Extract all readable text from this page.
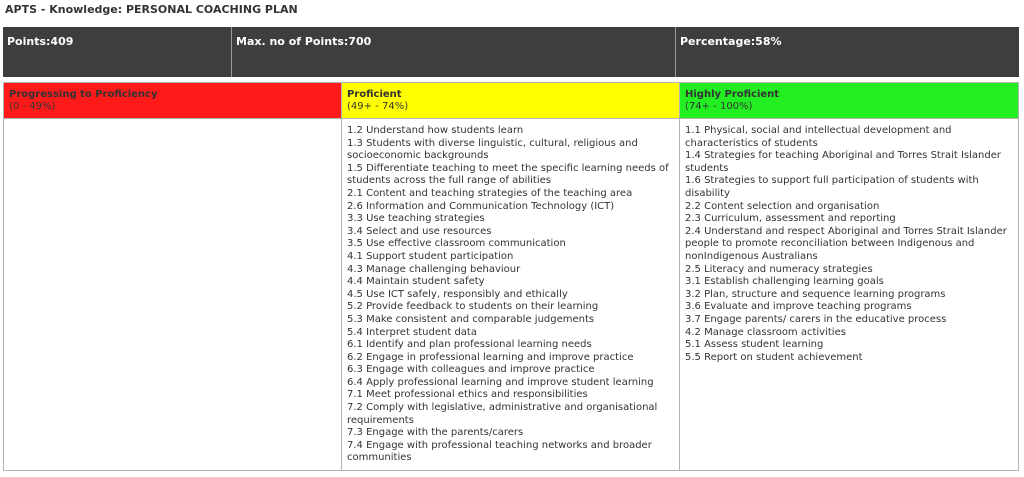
APTS - Knowledge: PERSONAL COACHING PLAN
Points:409	Max. no of Points:700	Percentage:58%
Progressing to Proficiency
(0 - 49%)
Proficient
(49+ - 74%)
Highly Proficient
(74+ - 100%)
1.2 Understand how students learn
1.3 Students with diverse linguistic, cultural, religious and socioeconomic backgrounds
1.5 Differentiate teaching to meet the specific learning needs of students across the full range of abilities
2.1 Content and teaching strategies of the teaching area
2.6 Information and Communication Technology (ICT)
3.3 Use teaching strategies
3.4 Select and use resources
3.5 Use effective classroom communication
4.1 Support student participation
4.3 Manage challenging behaviour
4.4 Maintain student safety
4.5 Use ICT safely, responsibly and ethically
5.2 Provide feedback to students on their learning
5.3 Make consistent and comparable judgements
5.4 Interpret student data
6.1 Identify and plan professional learning needs
6.2 Engage in professional learning and improve practice
6.3 Engage with colleagues and improve practice
6.4 Apply professional learning and improve student learning
7.1 Meet professional ethics and responsibilities
7.2 Comply with legislative, administrative and organisational requirements
7.3 Engage with the parents/carers
7.4 Engage with professional teaching networks and broader communities
1.1 Physical, social and intellectual development and characteristics of students
1.4 Strategies for teaching Aboriginal and Torres Strait Islander students
1.6 Strategies to support full participation of students with disability
2.2 Content selection and organisation
2.3 Curriculum, assessment and reporting
2.4 Understand and respect Aboriginal and Torres Strait Islander people to promote reconciliation between Indigenous and nonIndigenous Australians
2.5 Literacy and numeracy strategies
3.1 Establish challenging learning goals
3.2 Plan, structure and sequence learning programs
3.6 Evaluate and improve teaching programs
3.7 Engage parents/ carers in the educative process
4.2 Manage classroom activities
5.1 Assess student learning
5.5 Report on student achievement
